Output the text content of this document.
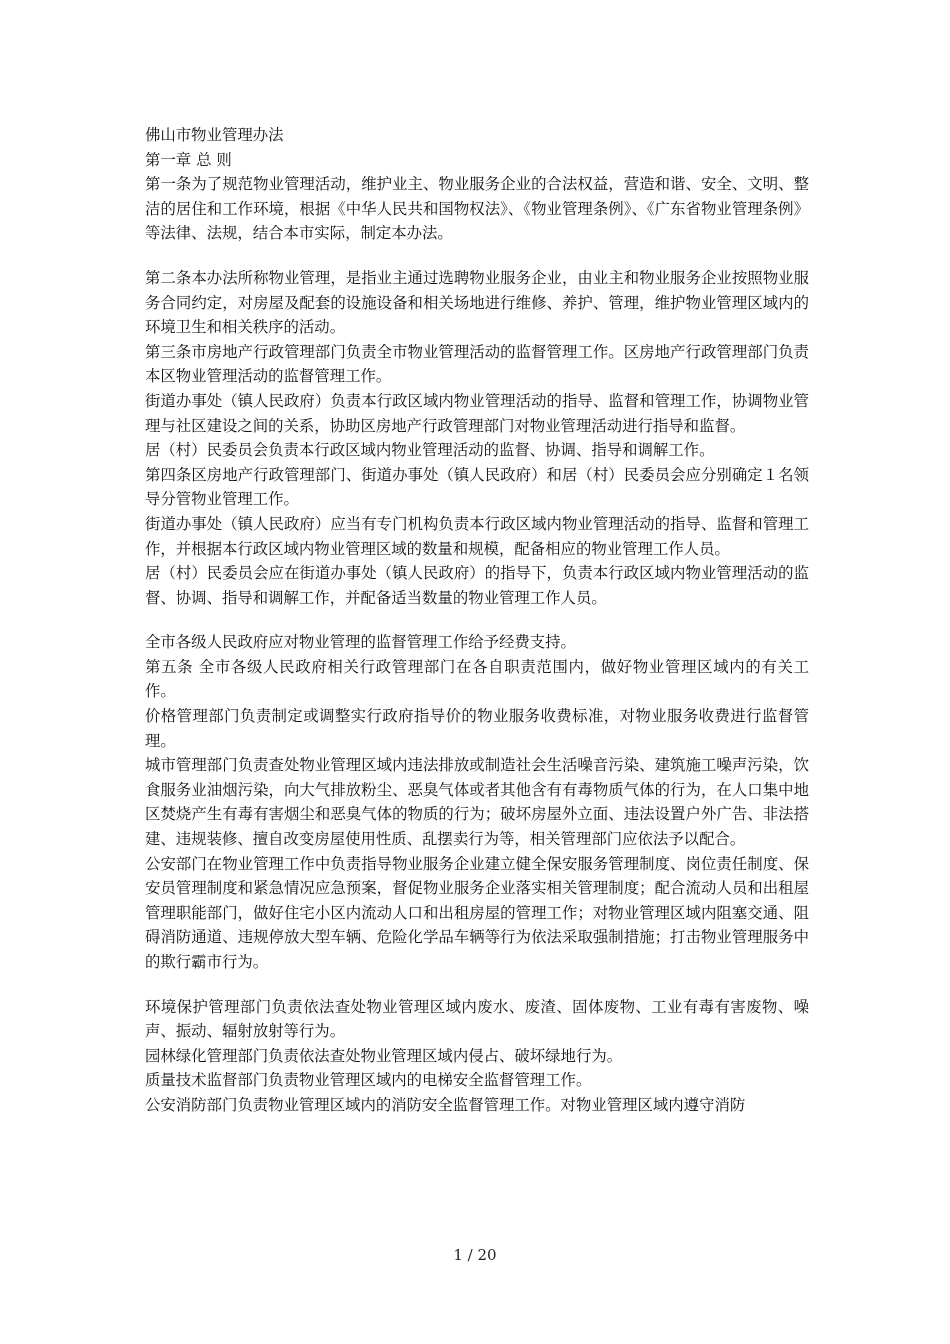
佛山市物业管理办法

第一章 总 则

第一条为了规范物业管理活动，维护业主、物业服务企业的合法权益，营造和谐、安全、文明、整洁的居住和工作环境，根据《中华人民共和国物权法》、《物业管理条例》、《广东省物业管理条例》等法律、法规，结合本市实际，制定本办法。

第二条本办法所称物业管理，是指业主通过选聘物业服务企业，由业主和物业服务企业按照物业服务合同约定，对房屋及配套的设施设备和相关场地进行维修、养护、管理，维护物业管理区域内的环境卫生和相关秩序的活动。

第三条市房地产行政管理部门负责全市物业管理活动的监督管理工作。区房地产行政管理部门负责本区物业管理活动的监督管理工作。

街道办事处（镇人民政府）负责本行政区域内物业管理活动的指导、监督和管理工作，协调物业管理与社区建设之间的关系，协助区房地产行政管理部门对物业管理活动进行指导和监督。

居（村）民委员会负责本行政区域内物业管理活动的监督、协调、指导和调解工作。

第四条区房地产行政管理部门、街道办事处（镇人民政府）和居（村）民委员会应分别确定１名领导分管物业管理工作。

街道办事处（镇人民政府）应当有专门机构负责本行政区域内物业管理活动的指导、监督和管理工作，并根据本行政区域内物业管理区域的数量和规模，配备相应的物业管理工作人员。

居（村）民委员会应在街道办事处（镇人民政府）的指导下，负责本行政区域内物业管理活动的监督、协调、指导和调解工作，并配备适当数量的物业管理工作人员。

全市各级人民政府应对物业管理的监督管理工作给予经费支持。

第五条 全市各级人民政府相关行政管理部门在各自职责范围内，做好物业管理区域内的有关工作。

价格管理部门负责制定或调整实行政府指导价的物业服务收费标准，对物业服务收费进行监督管理。

城市管理部门负责查处物业管理区域内违法排放或制造社会生活噪音污染、建筑施工噪声污染，饮食服务业油烟污染，向大气排放粉尘、恶臭气体或者其他含有有毒物质气体的行为，在人口集中地区焚烧产生有毒有害烟尘和恶臭气体的物质的行为；破坏房屋外立面、违法设置户外广告、非法搭建、违规装修、擅自改变房屋使用性质、乱摆卖行为等，相关管理部门应依法予以配合。

公安部门在物业管理工作中负责指导物业服务企业建立健全保安服务管理制度、岗位责任制度、保安员管理制度和紧急情况应急预案，督促物业服务企业落实相关管理制度；配合流动人员和出租屋管理职能部门，做好住宅小区内流动人口和出租房屋的管理工作；对物业管理区域内阻塞交通、阻碍消防通道、违规停放大型车辆、危险化学品车辆等行为依法采取强制措施；打击物业管理服务中的欺行霸市行为。

环境保护管理部门负责依法查处物业管理区域内废水、废渣、固体废物、工业有毒有害废物、噪声、振动、辐射放射等行为。

园林绿化管理部门负责依法查处物业管理区域内侵占、破坏绿地行为。

质量技术监督部门负责物业管理区域内的电梯安全监督管理工作。

公安消防部门负责物业管理区域内的消防安全监督管理工作。对物业管理区域内遵守消防

1 / 20
